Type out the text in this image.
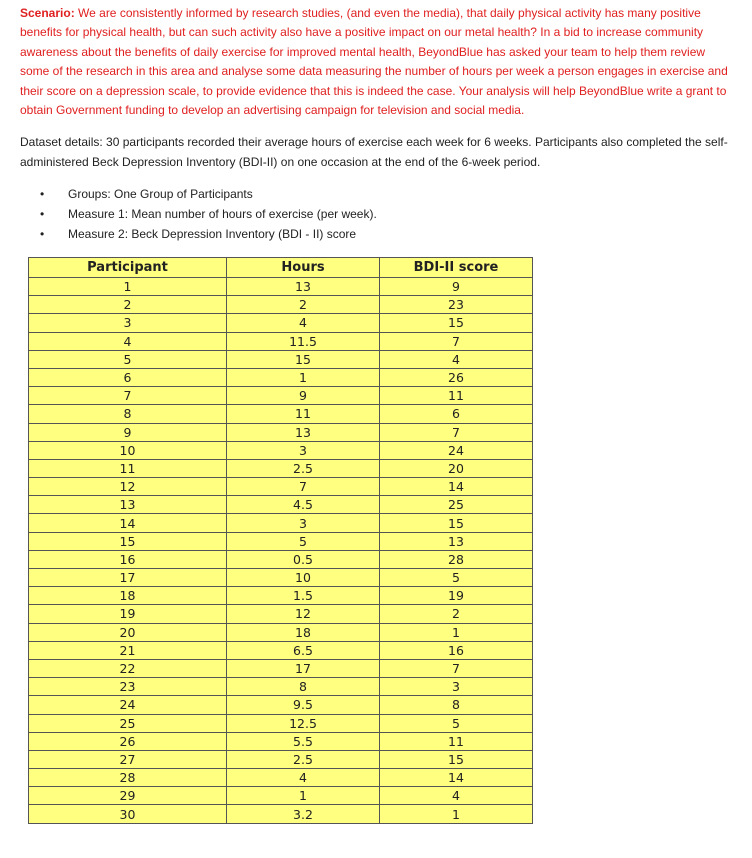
Scenario: We are consistently informed by research studies, (and even the media), that daily physical activity has many positive benefits for physical health, but can such activity also have a positive impact on our metal health? In a bid to increase community awareness about the benefits of daily exercise for improved mental health, BeyondBlue has asked your team to help them review some of the research in this area and analyse some data measuring the number of hours per week a person engages in exercise and their score on a depression scale, to provide evidence that this is indeed the case. Your analysis will help BeyondBlue write a grant to obtain Government funding to develop an advertising campaign for television and social media.

Dataset details: 30 participants recorded their average hours of exercise each week for 6 weeks. Participants also completed the self-administered Beck Depression Inventory (BDI-II) on one occasion at the end of the 6-week period.

• Groups: One Group of Participants
• Measure 1: Mean number of hours of exercise (per week).
• Measure 2: Beck Depression Inventory (BDI - II) score
Participant	Hours	BDI-II score
1	13	9
2	2	23
3	4	15
4	11.5	7
5	15	4
6	1	26
7	9	11
8	11	6
9	13	7
10	3	24
11	2.5	20
12	7	14
13	4.5	25
14	3	15
15	5	13
16	0.5	28
17	10	5
18	1.5	19
19	12	2
20	18	1
21	6.5	16
22	17	7
23	8	3
24	9.5	8
25	12.5	5
26	5.5	11
27	2.5	15
28	4	14
29	1	4
30	3.2	1
